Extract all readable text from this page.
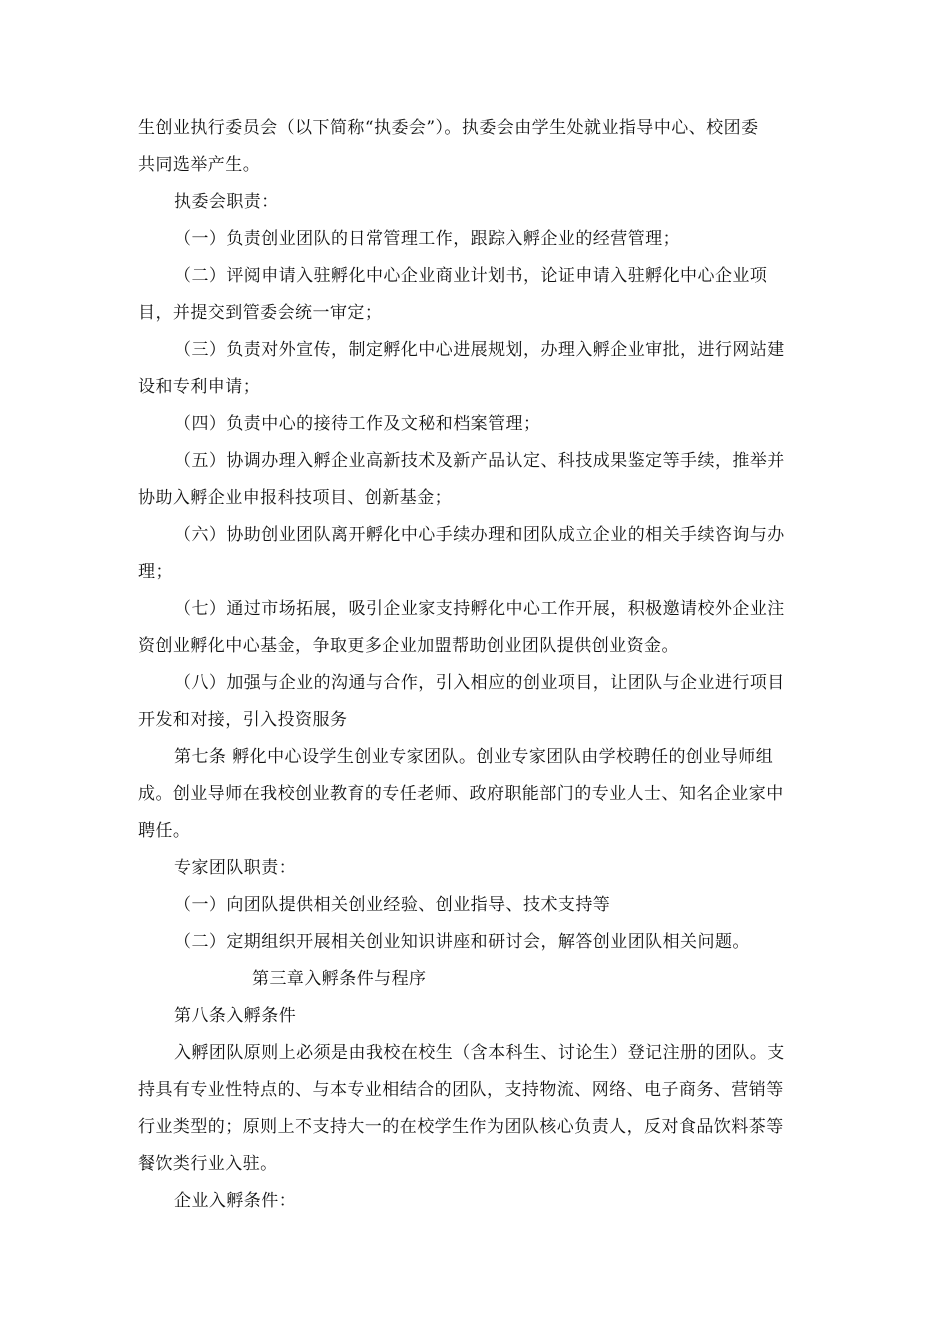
生创业执行委员会（以下简称“执委会”）。执委会由学生处就业指导中心、校团委
共同选举产生。
执委会职责：
（一）负责创业团队的日常管理工作，跟踪入孵企业的经营管理；
（二）评阅申请入驻孵化中心企业商业计划书，论证申请入驻孵化中心企业项
目，并提交到管委会统一审定；
（三）负责对外宣传，制定孵化中心进展规划，办理入孵企业审批，进行网站建
设和专利申请；
（四）负责中心的接待工作及文秘和档案管理；
（五）协调办理入孵企业高新技术及新产品认定、科技成果鉴定等手续，推举并
协助入孵企业申报科技项目、创新基金；
（六）协助创业团队离开孵化中心手续办理和团队成立企业的相关手续咨询与办
理；
（七）通过市场拓展，吸引企业家支持孵化中心工作开展，积极邀请校外企业注
资创业孵化中心基金，争取更多企业加盟帮助创业团队提供创业资金。
（八）加强与企业的沟通与合作，引入相应的创业项目，让团队与企业进行项目
开发和对接，引入投资服务
第七条 孵化中心设学生创业专家团队。创业专家团队由学校聘任的创业导师组
成。创业导师在我校创业教育的专任老师、政府职能部门的专业人士、知名企业家中
聘任。
专家团队职责：
（一）向团队提供相关创业经验、创业指导、技术支持等
（二）定期组织开展相关创业知识讲座和研讨会，解答创业团队相关问题。
第三章入孵条件与程序
第八条入孵条件
入孵团队原则上必须是由我校在校生（含本科生、讨论生）登记注册的团队。支
持具有专业性特点的、与本专业相结合的团队，支持物流、网络、电子商务、营销等
行业类型的；原则上不支持大一的在校学生作为团队核心负责人，反对食品饮料茶等
餐饮类行业入驻。
企业入孵条件：
